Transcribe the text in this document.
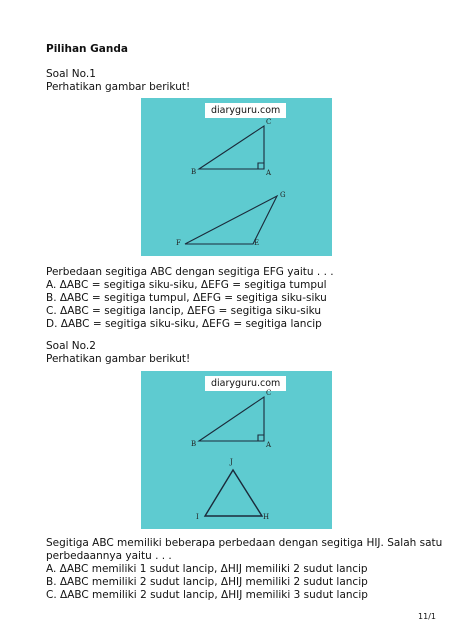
Pilihan Ganda
Soal No.1
Perhatikan gambar berikut!
diaryguru.com
C
B	A
G
F	E
Perbedaan segitiga ABC dengan segitiga EFG yaitu . . .
A. ΔABC = segitiga siku-siku, ΔEFG = segitiga tumpul
B. ΔABC = segitiga tumpul, ΔEFG = segitiga siku-siku
C. ΔABC = segitiga lancip, ΔEFG = segitiga siku-siku
D. ΔABC = segitiga siku-siku, ΔEFG = segitiga lancip
Soal No.2
Perhatikan gambar berikut!
diaryguru.com
C
B	A
J
I	H
Segitiga ABC memiliki beberapa perbedaan dengan segitiga HIJ. Salah satu
perbedaannya yaitu . . .
A. ΔABC memiliki 1 sudut lancip, ΔHIJ memiliki 2 sudut lancip
B. ΔABC memiliki 2 sudut lancip, ΔHIJ memiliki 2 sudut lancip
C. ΔABC memiliki 2 sudut lancip, ΔHIJ memiliki 3 sudut lancip
11/1
